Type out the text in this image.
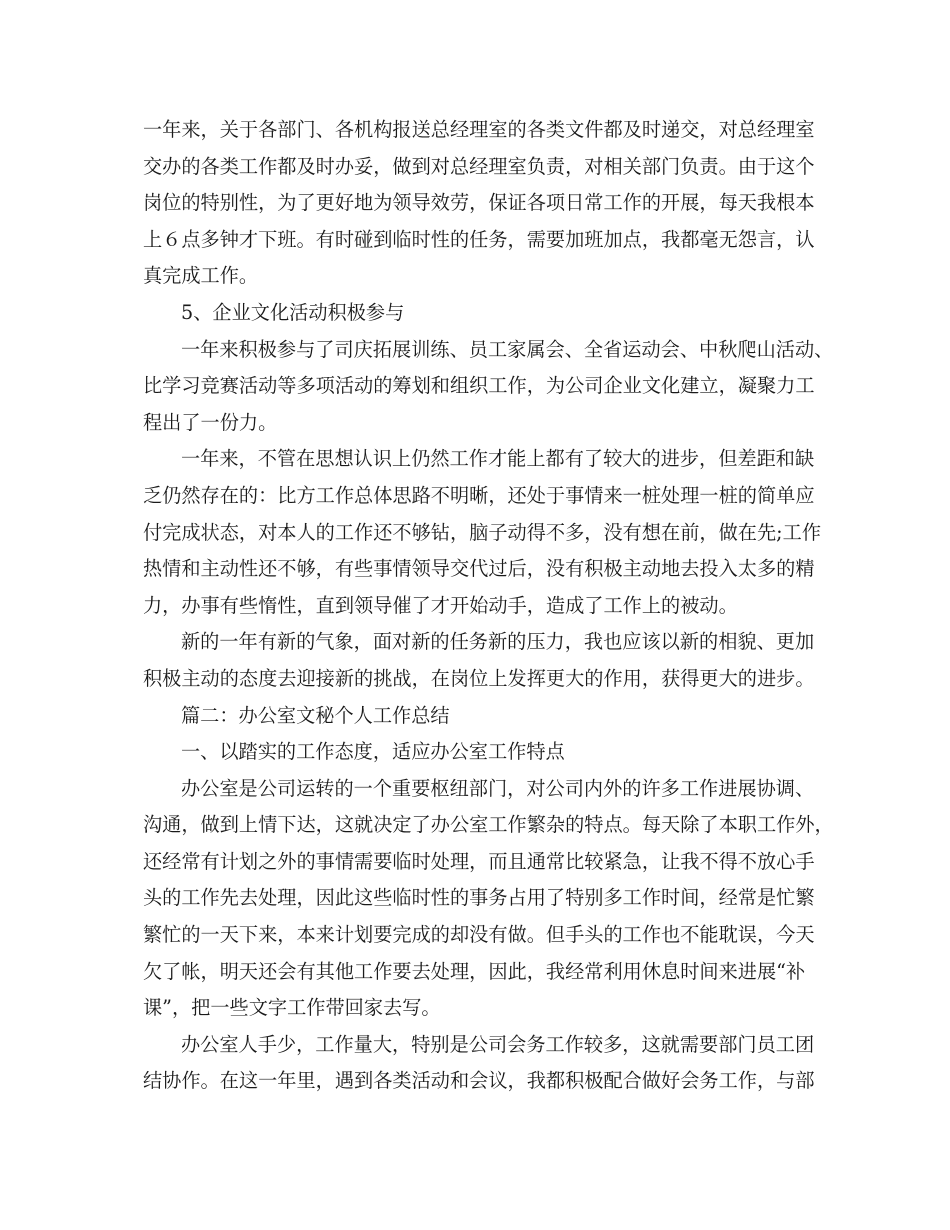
一年来，关于各部门、各机构报送总经理室的各类文件都及时递交，对总经理室
交办的各类工作都及时办妥，做到对总经理室负责，对相关部门负责。由于这个
岗位的特别性，为了更好地为领导效劳，保证各项日常工作的开展，每天我根本
上６点多钟才下班。有时碰到临时性的任务，需要加班加点，我都毫无怨言，认
真完成工作。
5、企业文化活动积极参与
一年来积极参与了司庆拓展训练、员工家属会、全省运动会、中秋爬山活动、
比学习竞赛活动等多项活动的筹划和组织工作，为公司企业文化建立，凝聚力工
程出了一份力。
一年来，不管在思想认识上仍然工作才能上都有了较大的进步，但差距和缺
乏仍然存在的：比方工作总体思路不明晰，还处于事情来一桩处理一桩的简单应
付完成状态，对本人的工作还不够钻，脑子动得不多，没有想在前，做在先;工作
热情和主动性还不够，有些事情领导交代过后，没有积极主动地去投入太多的精
力，办事有些惰性，直到领导催了才开始动手，造成了工作上的被动。
新的一年有新的气象，面对新的任务新的压力，我也应该以新的相貌、更加
积极主动的态度去迎接新的挑战，在岗位上发挥更大的作用，获得更大的进步。
篇二：办公室文秘个人工作总结
一、以踏实的工作态度，适应办公室工作特点
办公室是公司运转的一个重要枢纽部门，对公司内外的许多工作进展协调、
沟通，做到上情下达，这就决定了办公室工作繁杂的特点。每天除了本职工作外，
还经常有计划之外的事情需要临时处理，而且通常比较紧急，让我不得不放心手
头的工作先去处理，因此这些临时性的事务占用了特别多工作时间，经常是忙繁
繁忙的一天下来，本来计划要完成的却没有做。但手头的工作也不能耽误，今天
欠了帐，明天还会有其他工作要去处理，因此，我经常利用休息时间来进展“补
课”，把一些文字工作带回家去写。
办公室人手少，工作量大，特别是公司会务工作较多，这就需要部门员工团
结协作。在这一年里，遇到各类活动和会议，我都积极配合做好会务工作，与部
